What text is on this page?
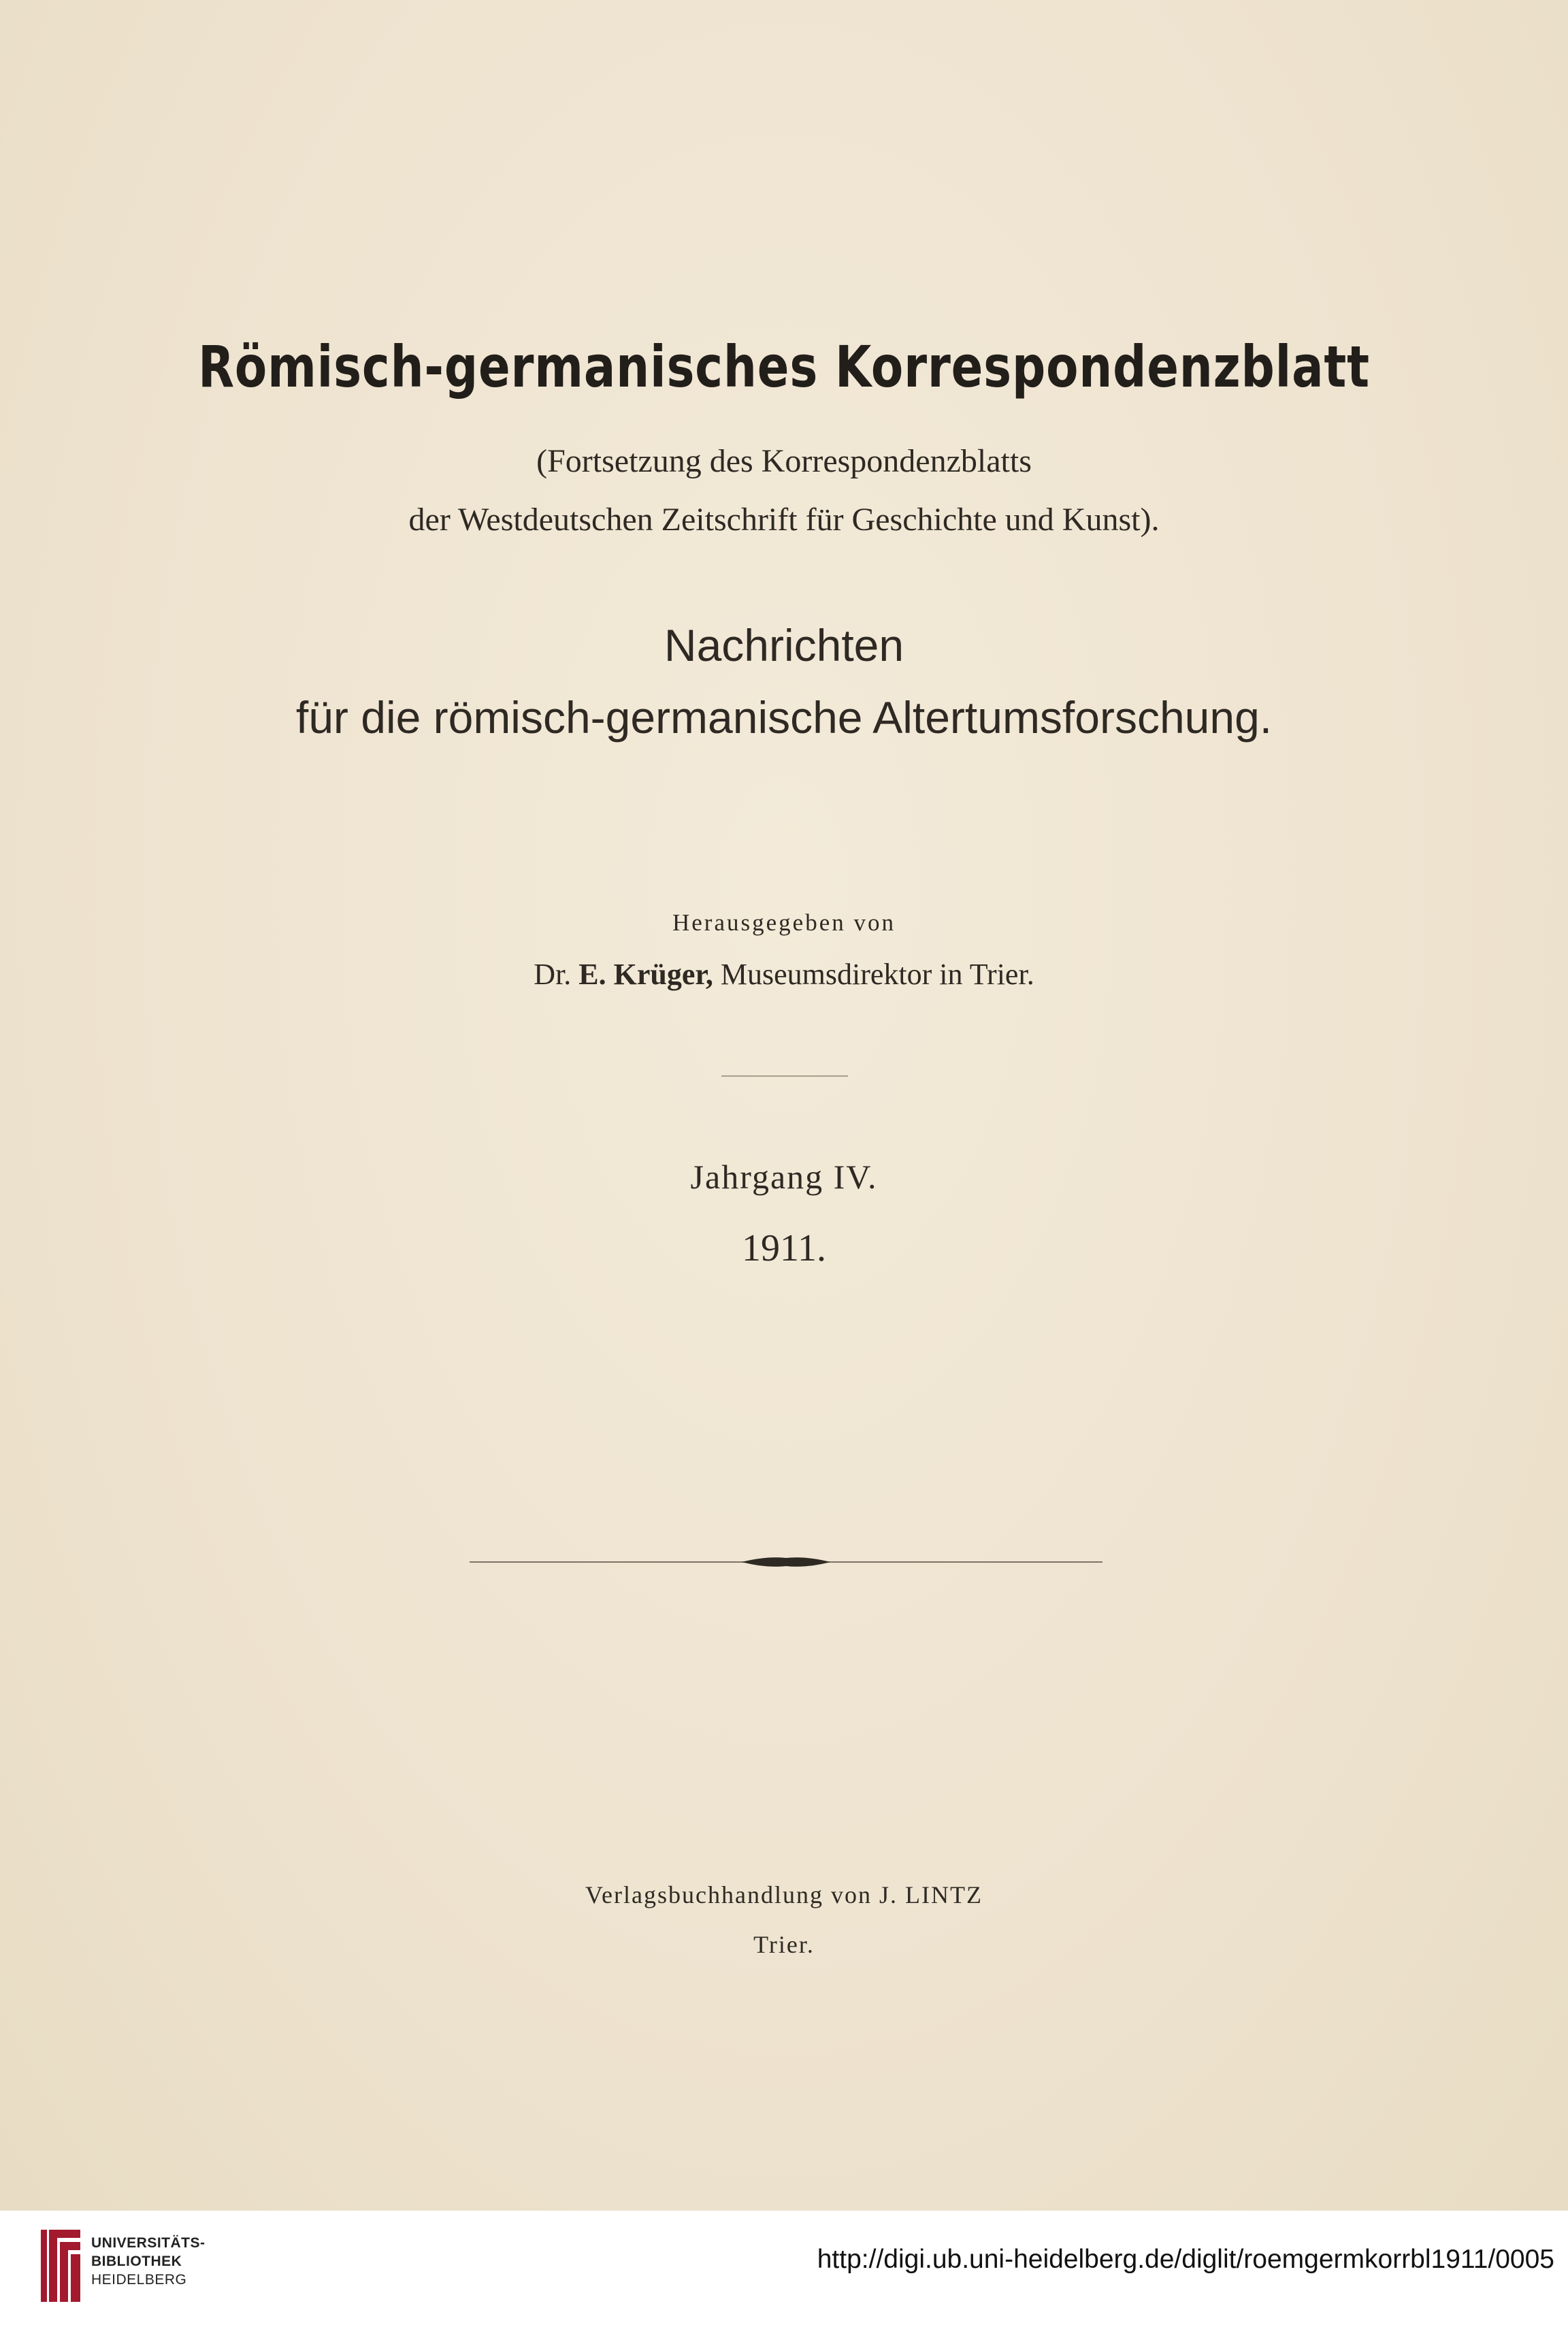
Römisch-germanisches Korrespondenzblatt
(Fortsetzung des Korrespondenzblatts
der Westdeutschen Zeitschrift für Geschichte und Kunst).
Nachrichten
für die römisch-germanische Altertumsforschung.
Herausgegeben von
Dr. E. Krüger, Museumsdirektor in Trier.
Jahrgang IV.
1911.
Verlagsbuchhandlung von J. LINTZ
Trier.
UNIVERSITÄTS-
BIBLIOTHEK
HEIDELBERG
http://digi.ub.uni-heidelberg.de/diglit/roemgermkorrbl1911/0005
